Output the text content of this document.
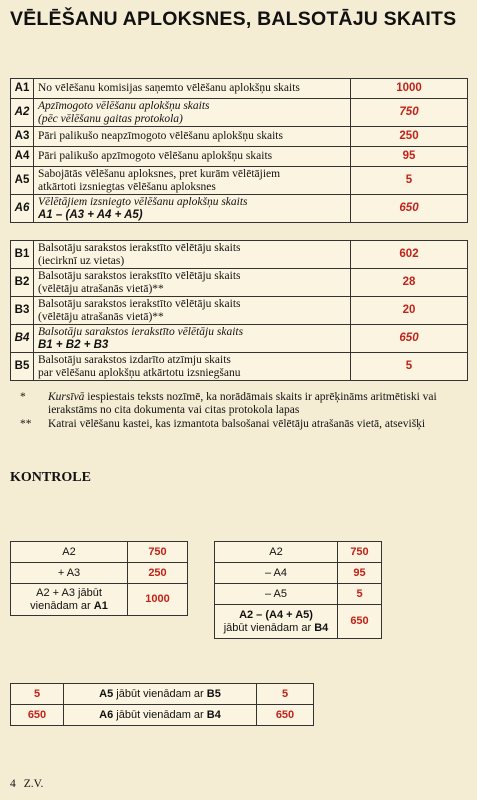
VĒLĒŠANU APLOKSNES, BALSOTĀJU SKAITS
A1	No vēlēšanu komisijas saņemto vēlēšanu aplokšņu skaits	1000
A2	Apzīmogoto vēlēšanu aplokšņu skaits
(pēc vēlēšanu gaitas protokola)	750
A3	Pāri palikušo neapzīmogoto vēlēšanu aplokšņu skaits	250
A4	Pāri palikušo apzīmogoto vēlēšanu aplokšņu skaits	95
A5	Sabojātās vēlēšanu aploksnes, pret kurām vēlētājiem
atkārtoti izsniegtas vēlēšanu aploksnes	5
A6	Vēlētājiem izsniegto vēlēšanu aplokšņu skaits
A1 – (A3 + A4 + A5)	650
B1	Balsotāju sarakstos ierakstīto vēlētāju skaits
(iecirknī uz vietas)	602
B2	Balsotāju sarakstos ierakstīto vēlētāju skaits
(vēlētāju atrašanās vietā)**	28
B3	Balsotāju sarakstos ierakstīto vēlētāju skaits
(vēlētāju atrašanās vietā)**	20
B4	Balsotāju sarakstos ierakstīto vēlētāju skaits
B1 + B2 + B3	650
B5	Balsotāju sarakstos izdarīto atzīmju skaits
par vēlēšanu aplokšņu atkārtotu izsniegšanu	5
* Kursīvā iespiestais teksts nozīmē, ka norādāmais skaits ir aprēķināms aritmētiski vai ierakstāms no cita dokumenta vai citas protokola lapas
** Katrai vēlēšanu kastei, kas izmantota balsošanai vēlētāju atrašanās vietā, atsevišķi
KONTROLE
A2	750
+ A3	250
A2 + A3 jābūt
vienādam ar A1	1000
A2	750
– A4	95
– A5	5
A2 – (A4 + A5)
jābūt vienādam ar B4	650
5	A5 jābūt vienādam ar B5	5
650	A6 jābūt vienādam ar B4	650
4 Z.V.
